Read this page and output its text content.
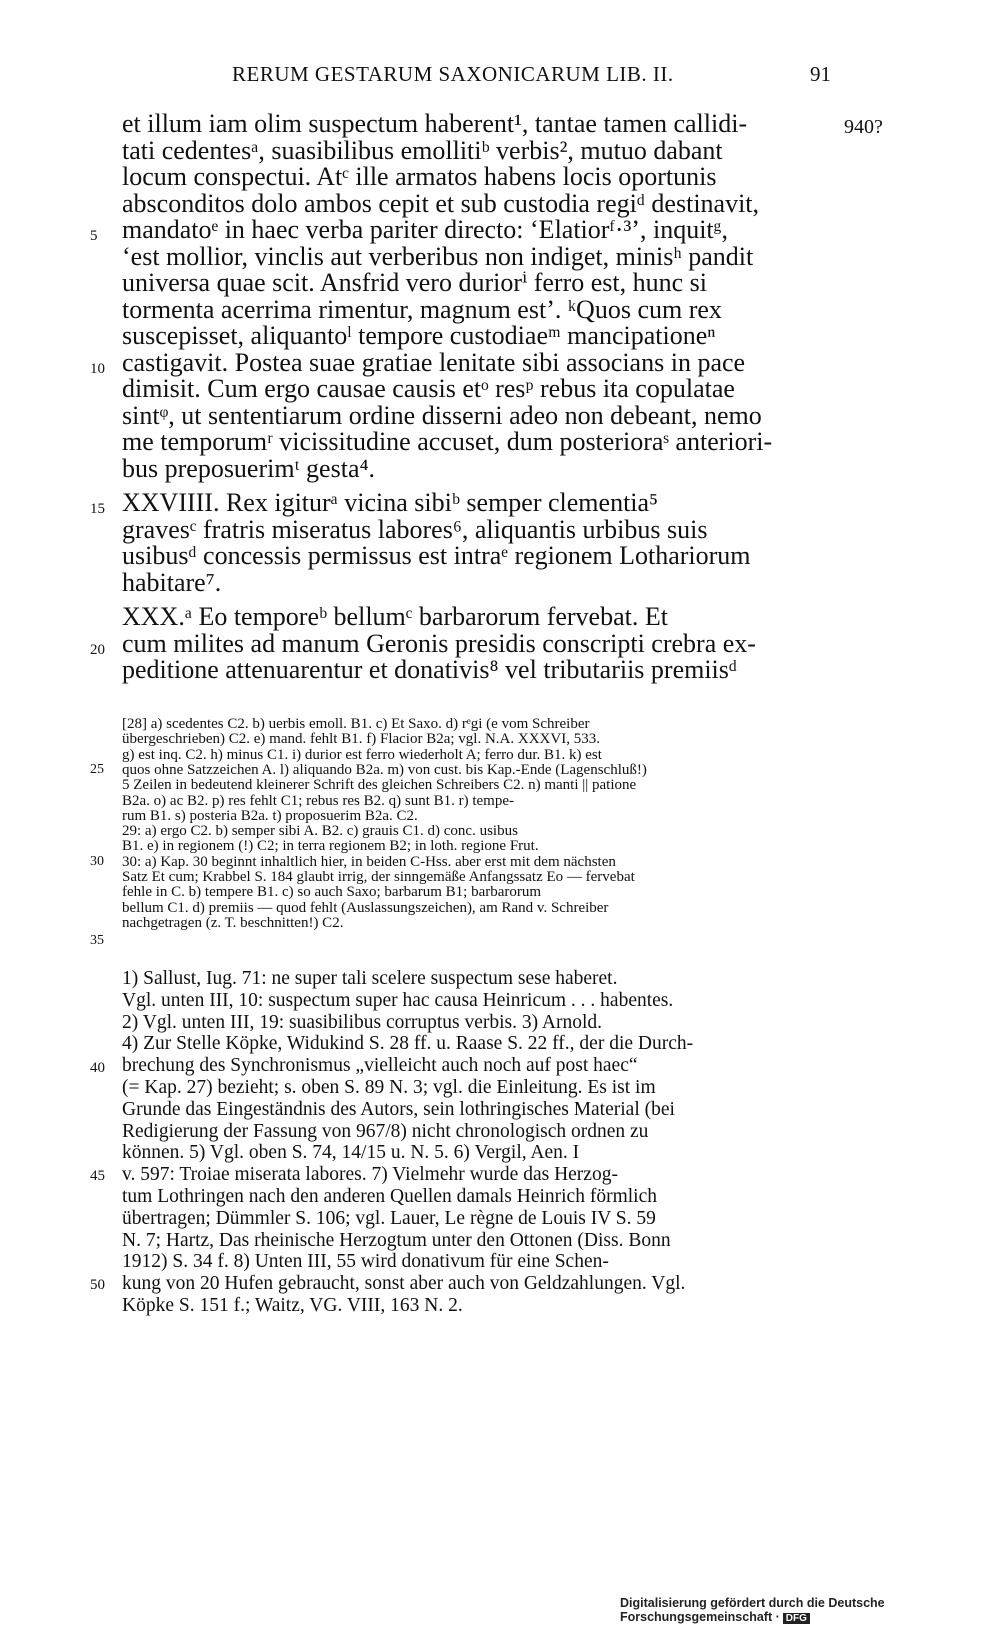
RERUM GESTARUM SAXONICARUM LIB. II.	91
940?
et illum iam olim suspectum haberent¹, tantae tamen callidi-
tati cedentesᵃ, suasibilibus emollitiᵇ verbis², mutuo dabant
locum conspectui. Atᶜ ille armatos habens locis oportunis
absconditos dolo ambos cepit et sub custodia regiᵈ destinavit,
mandatoᵉ in haec verba pariter directo: ‘Elatiorᶠ·³’, inquitᵍ,
‘est mollior, vinclis aut verberibus non indiget, minisʰ pandit
universa quae scit. Ansfrid vero duriorⁱ ferro est, hunc si
tormenta acerrima rimentur, magnum est’. ᵏQuos cum rex
suscepisset, aliquantoˡ tempore custodiaeᵐ mancipationeⁿ
castigavit. Postea suae gratiae lenitate sibi associans in pace
dimisit. Cum ergo causae causis etᵒ resᵖ rebus ita copulatae
sintᵠ, ut sententiarum ordine disserni adeo non debeant, nemo
me temporumʳ vicissitudine accuset, dum posterioraˢ anteriori-
bus preposuerimᵗ gesta⁴.
XXVIIII. Rex igiturᵃ vicina sibiᵇ semper clementia⁵
gravesᶜ fratris miseratus labores⁶, aliquantis urbibus suis
usibusᵈ concessis permissus est intraᵉ regionem Lothariorum
habitare⁷.
XXX.ᵃ Eo temporeᵇ bellumᶜ barbarorum fervebat. Et
cum milites ad manum Geronis presidis conscripti crebra ex-
peditione attenuarentur et donativis⁸ vel tributariis premiisᵈ
5
10
15
20
[28] a) scedentes C2. b) uerbis emoll. B1. c) Et Saxo. d) rᵉgi (e vom Schreiber
übergeschrieben) C2. e) mand. fehlt B1. f) Flacior B2a; vgl. N.A. XXXVI, 533.
g) est inq. C2. h) minus C1. i) durior est ferro wiederholt A; ferro dur. B1. k) est
quos ohne Satzzeichen A. l) aliquando B2a. m) von cust. bis Kap.-Ende (Lagenschluß!)
5 Zeilen in bedeutend kleinerer Schrift des gleichen Schreibers C2. n) manti || patione
B2a. o) ac B2. p) res fehlt C1; rebus res B2. q) sunt B1. r) tempe-
rum B1. s) posteria B2a. t) proposuerim B2a. C2.
29: a) ergo C2. b) semper sibi A. B2. c) grauis C1. d) conc. usibus
B1. e) in regionem (!) C2; in terra regionem B2; in loth. regione Frut.
30: a) Kap. 30 beginnt inhaltlich hier, in beiden C-Hss. aber erst mit dem nächsten
Satz Et cum; Krabbel S. 184 glaubt irrig, der sinngemäße Anfangssatz Eo — fervebat
fehle in C. b) tempere B1. c) so auch Saxo; barbarum B1; barbarorum
bellum C1. d) premiis — quod fehlt (Auslassungszeichen), am Rand v. Schreiber
nachgetragen (z. T. beschnitten!) C2.
25
30
35
1) Sallust, Iug. 71: ne super tali scelere suspectum sese haberet.
Vgl. unten III, 10: suspectum super hac causa Heinricum . . . habentes.
2) Vgl. unten III, 19: suasibilibus corruptus verbis. 3) Arnold.
4) Zur Stelle Köpke, Widukind S. 28 ff. u. Raase S. 22 ff., der die Durch-
brechung des Synchronismus „vielleicht auch noch auf post haec“
(= Kap. 27) bezieht; s. oben S. 89 N. 3; vgl. die Einleitung. Es ist im
Grunde das Eingeständnis des Autors, sein lothringisches Material (bei
Redigierung der Fassung von 967/8) nicht chronologisch ordnen zu
können. 5) Vgl. oben S. 74, 14/15 u. N. 5. 6) Vergil, Aen. I
v. 597: Troiae miserata labores. 7) Vielmehr wurde das Herzog-
tum Lothringen nach den anderen Quellen damals Heinrich förmlich
übertragen; Dümmler S. 106; vgl. Lauer, Le règne de Louis IV S. 59
N. 7; Hartz, Das rheinische Herzogtum unter den Ottonen (Diss. Bonn
1912) S. 34 f. 8) Unten III, 55 wird donativum für eine Schen-
kung von 20 Hufen gebraucht, sonst aber auch von Geldzahlungen. Vgl.
Köpke S. 151 f.; Waitz, VG. VIII, 163 N. 2.
40
45
50
Digitalisierung gefördert durch die Deutsche Forschungsgemeinschaft · DFG
